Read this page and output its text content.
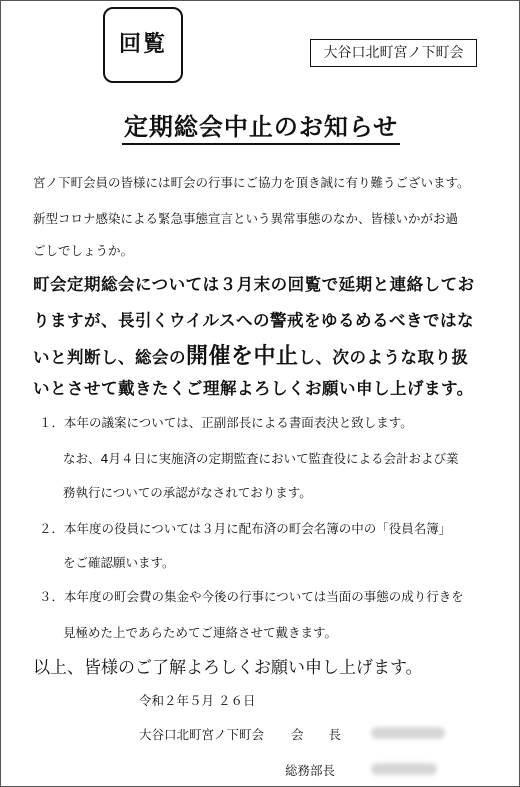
回覧	大谷口北町宮ノ下町会
定期総会中止のお知らせ
宮ノ下町会員の皆様には町会の行事にご協力を頂き誠に有り難うございます。
新型コロナ感染による緊急事態宣言という異常事態のなか、皆様いかがお過
ごしでしょうか。
町会定期総会については３月末の回覧で延期と連絡してお
りますが、長引くウイルスへの警戒をゆるめるべきではな
いと判断し、総会の開催を中止し、次のような取り扱
いとさせて戴きたくご理解よろしくお願い申し上げます。
１．本年の議案については、正副部長による書面表決と致します。
なお、4月４日に実施済の定期監査において監査役による会計および業
務執行についての承認がなされております。
２．本年度の役員については３月に配布済の町会名簿の中の「役員名簿」
をご確認願います。
３．本年度の町会費の集金や今後の行事については当面の事態の成り行きを
見極めた上であらためてご連絡させて戴きます。
以上、皆様のご了解よろしくお願い申し上げます。
令和２年５月 ２６日
大谷口北町宮ノ下町会 会　　長
総務部長
